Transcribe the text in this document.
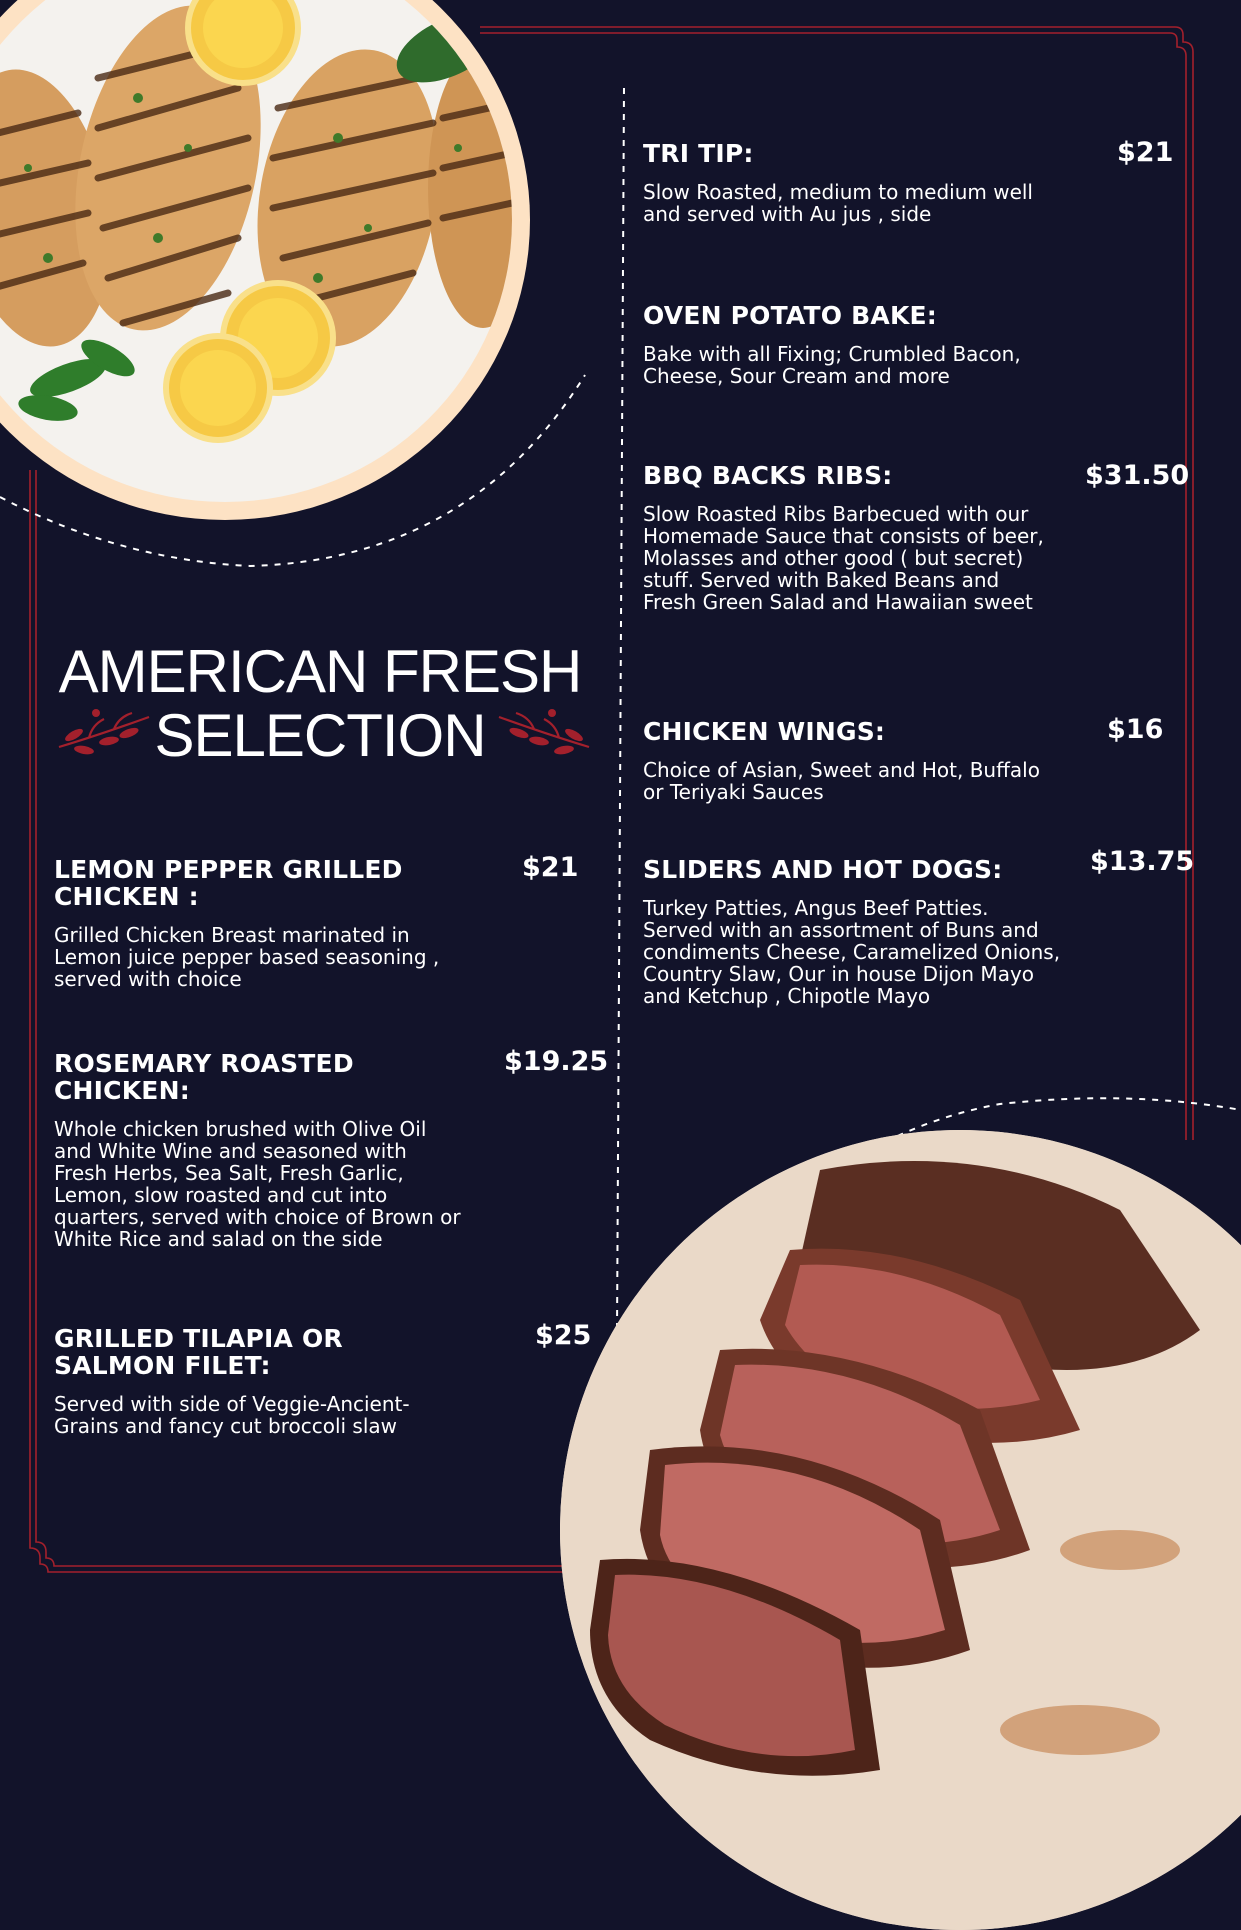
AMERICAN FRESH
SELECTION
LEMON PEPPER GRILLED CHICKEN :
Grilled Chicken Breast marinated in Lemon juice pepper based seasoning , served with choice
$21
ROSEMARY ROASTED CHICKEN:
Whole chicken brushed with Olive Oil and White Wine and seasoned with Fresh Herbs, Sea Salt, Fresh Garlic, Lemon, slow roasted and cut into quarters, served with choice of Brown or White Rice and salad on the side
$19.25
GRILLED TILAPIA OR SALMON FILET:
Served with side of Veggie-Ancient-Grains and fancy cut broccoli slaw
$25
TRI TIP:
Slow Roasted, medium to medium well and served with Au jus , side
$21
OVEN POTATO BAKE:
Bake with all Fixing; Crumbled Bacon, Cheese, Sour Cream and more
BBQ BACKS RIBS:
Slow Roasted Ribs Barbecued with our Homemade Sauce that consists of beer, Molasses and other good ( but secret) stuff. Served with Baked Beans and Fresh Green Salad and Hawaiian sweet
$31.50
CHICKEN WINGS:
Choice of Asian, Sweet and Hot, Buffalo or Teriyaki Sauces
$16
SLIDERS AND HOT DOGS:
Turkey Patties, Angus Beef Patties. Served with an assortment of Buns and condiments Cheese, Caramelized Onions, Country Slaw, Our in house Dijon Mayo and Ketchup , Chipotle Mayo
$13.75
